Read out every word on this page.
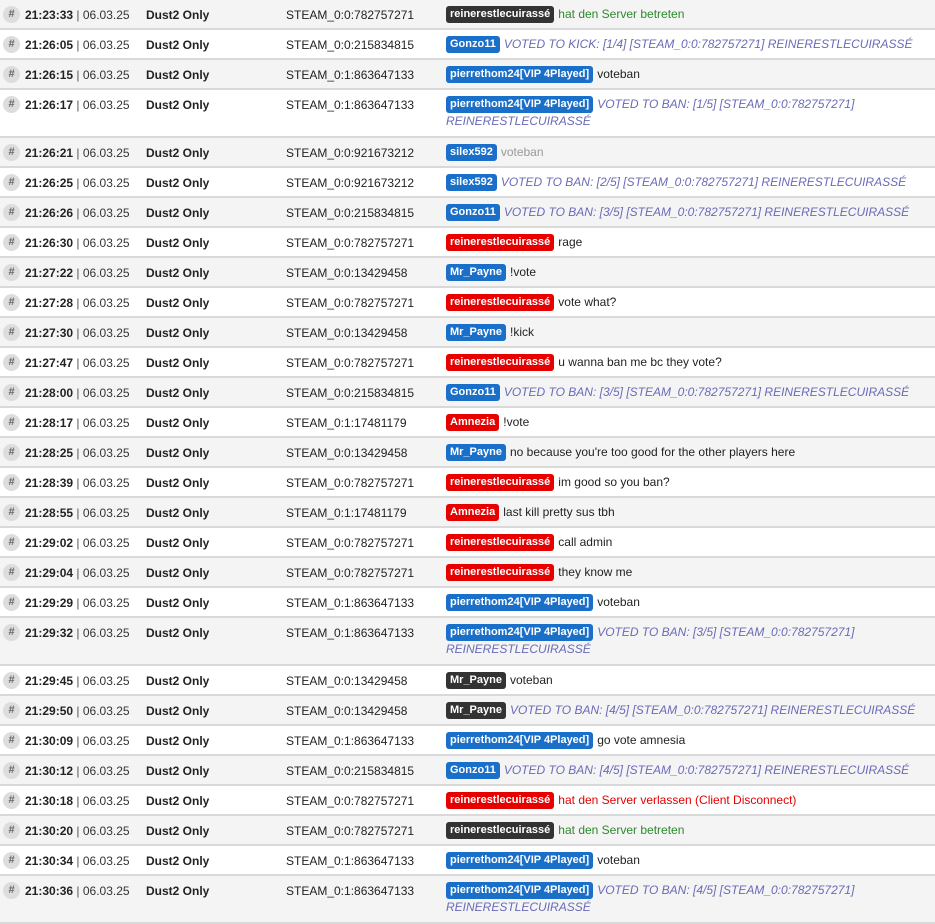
# 21:23:33 | 06.03.25 Dust2 Only	STEAM_0:0:782757271	reinerestlecuirassé hat den Server betreten
# 21:26:05 | 06.03.25 Dust2 Only	STEAM_0:0:215834815	Gonzo11 VOTED TO KICK: [1/4] [STEAM_0:0:782757271] REINERESTLECUIRASSÉ
# 21:26:15 | 06.03.25 Dust2 Only	STEAM_0:1:863647133	pierrethom24[VIP 4Played] voteban
# 21:26:17 | 06.03.25 Dust2 Only	STEAM_0:1:863647133	pierrethom24[VIP 4Played] VOTED TO BAN: [1/5] [STEAM_0:0:782757271] REINERESTLECUIRASSÉ
# 21:26:21 | 06.03.25 Dust2 Only	STEAM_0:0:921673212	silex592 voteban
# 21:26:25 | 06.03.25 Dust2 Only	STEAM_0:0:921673212	silex592 VOTED TO BAN: [2/5] [STEAM_0:0:782757271] REINERESTLECUIRASSÉ
# 21:26:26 | 06.03.25 Dust2 Only	STEAM_0:0:215834815	Gonzo11 VOTED TO BAN: [3/5] [STEAM_0:0:782757271] REINERESTLECUIRASSÉ
# 21:26:30 | 06.03.25 Dust2 Only	STEAM_0:0:782757271	reinerestlecuirassé rage
# 21:27:22 | 06.03.25 Dust2 Only	STEAM_0:0:13429458	Mr_Payne !vote
# 21:27:28 | 06.03.25 Dust2 Only	STEAM_0:0:782757271	reinerestlecuirassé vote what?
# 21:27:30 | 06.03.25 Dust2 Only	STEAM_0:0:13429458	Mr_Payne !kick
# 21:27:47 | 06.03.25 Dust2 Only	STEAM_0:0:782757271	reinerestlecuirassé u wanna ban me bc they vote?
# 21:28:00 | 06.03.25 Dust2 Only	STEAM_0:0:215834815	Gonzo11 VOTED TO BAN: [3/5] [STEAM_0:0:782757271] REINERESTLECUIRASSÉ
# 21:28:17 | 06.03.25 Dust2 Only	STEAM_0:1:17481179	Amnezia !vote
# 21:28:25 | 06.03.25 Dust2 Only	STEAM_0:0:13429458	Mr_Payne no because you're too good for the other players here
# 21:28:39 | 06.03.25 Dust2 Only	STEAM_0:0:782757271	reinerestlecuirassé im good so you ban?
# 21:28:55 | 06.03.25 Dust2 Only	STEAM_0:1:17481179	Amnezia last kill pretty sus tbh
# 21:29:02 | 06.03.25 Dust2 Only	STEAM_0:0:782757271	reinerestlecuirassé call admin
# 21:29:04 | 06.03.25 Dust2 Only	STEAM_0:0:782757271	reinerestlecuirassé they know me
# 21:29:29 | 06.03.25 Dust2 Only	STEAM_0:1:863647133	pierrethom24[VIP 4Played] voteban
# 21:29:32 | 06.03.25 Dust2 Only	STEAM_0:1:863647133	pierrethom24[VIP 4Played] VOTED TO BAN: [3/5] [STEAM_0:0:782757271] REINERESTLECUIRASSÉ
# 21:29:45 | 06.03.25 Dust2 Only	STEAM_0:0:13429458	Mr_Payne voteban
# 21:29:50 | 06.03.25 Dust2 Only	STEAM_0:0:13429458	Mr_Payne VOTED TO BAN: [4/5] [STEAM_0:0:782757271] REINERESTLECUIRASSÉ
# 21:30:09 | 06.03.25 Dust2 Only	STEAM_0:1:863647133	pierrethom24[VIP 4Played] go vote amnesia
# 21:30:12 | 06.03.25 Dust2 Only	STEAM_0:0:215834815	Gonzo11 VOTED TO BAN: [4/5] [STEAM_0:0:782757271] REINERESTLECUIRASSÉ
# 21:30:18 | 06.03.25 Dust2 Only	STEAM_0:0:782757271	reinerestlecuirassé hat den Server verlassen (Client Disconnect)
# 21:30:20 | 06.03.25 Dust2 Only	STEAM_0:0:782757271	reinerestlecuirassé hat den Server betreten
# 21:30:34 | 06.03.25 Dust2 Only	STEAM_0:1:863647133	pierrethom24[VIP 4Played] voteban
# 21:30:36 | 06.03.25 Dust2 Only	STEAM_0:1:863647133	pierrethom24[VIP 4Played] VOTED TO BAN: [4/5] [STEAM_0:0:782757271] REINERESTLECUIRASSÉ
